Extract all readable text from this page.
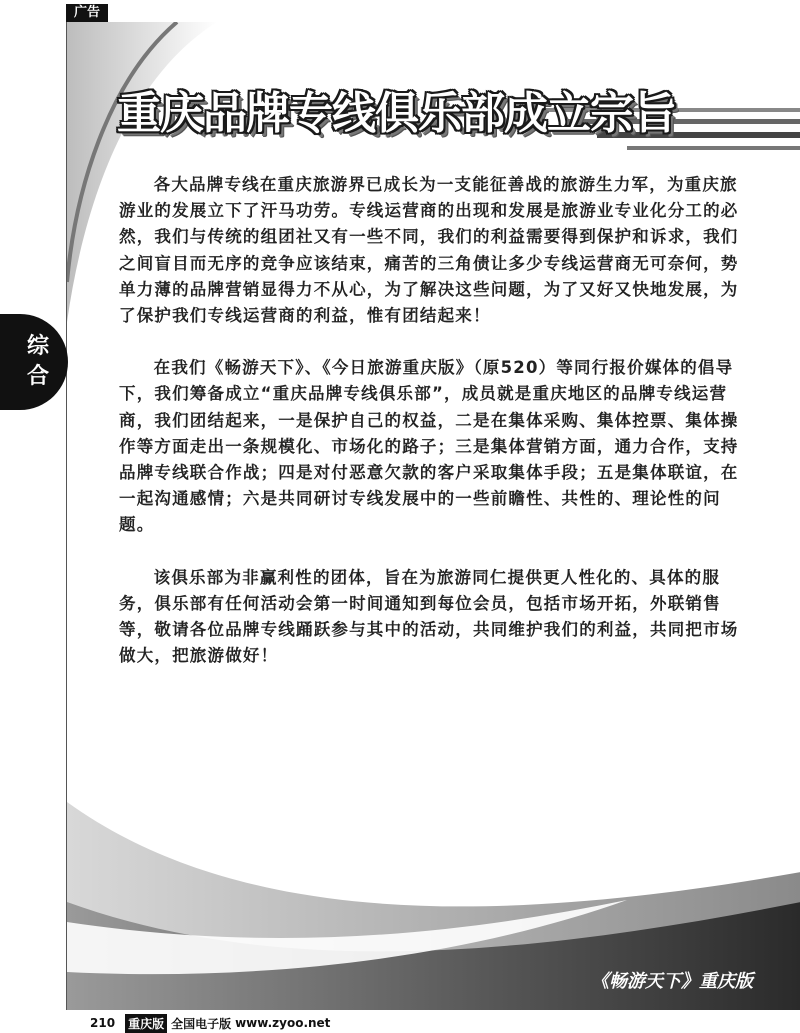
广告
重庆品牌专线俱乐部成立宗旨

各大品牌专线在重庆旅游界已成长为一支能征善战的旅游生力军，为重庆旅游业的发展立下了汗马功劳。专线运营商的出现和发展是旅游业专业化分工的必然，我们与传统的组团社又有一些不同，我们的利益需要得到保护和诉求，我们之间盲目而无序的竞争应该结束，痛苦的三角债让多少专线运营商无可奈何，势单力薄的品牌营销显得力不从心，为了解决这些问题，为了又好又快地发展，为了保护我们专线运营商的利益，惟有团结起来！

在我们《畅游天下》、《今日旅游重庆版》（原520）等同行报价媒体的倡导下，我们筹备成立“重庆品牌专线俱乐部”，成员就是重庆地区的品牌专线运营商，我们团结起来，一是保护自己的权益，二是在集体采购、集体控票、集体操作等方面走出一条规模化、市场化的路子；三是集体营销方面，通力合作，支持品牌专线联合作战；四是对付恶意欠款的客户采取集体手段；五是集体联谊，在一起沟通感情；六是共同研讨专线发展中的一些前瞻性、共性的、理论性的问题。

该俱乐部为非赢利性的团体，旨在为旅游同仁提供更人性化的、具体的服务，俱乐部有任何活动会第一时间通知到每位会员，包括市场开拓，外联销售等，敬请各位品牌专线踊跃参与其中的活动，共同维护我们的利益，共同把市场做大，把旅游做好！

《畅游天下》重庆版
综
合
210 重庆版 全国电子版 www.zyoo.net
